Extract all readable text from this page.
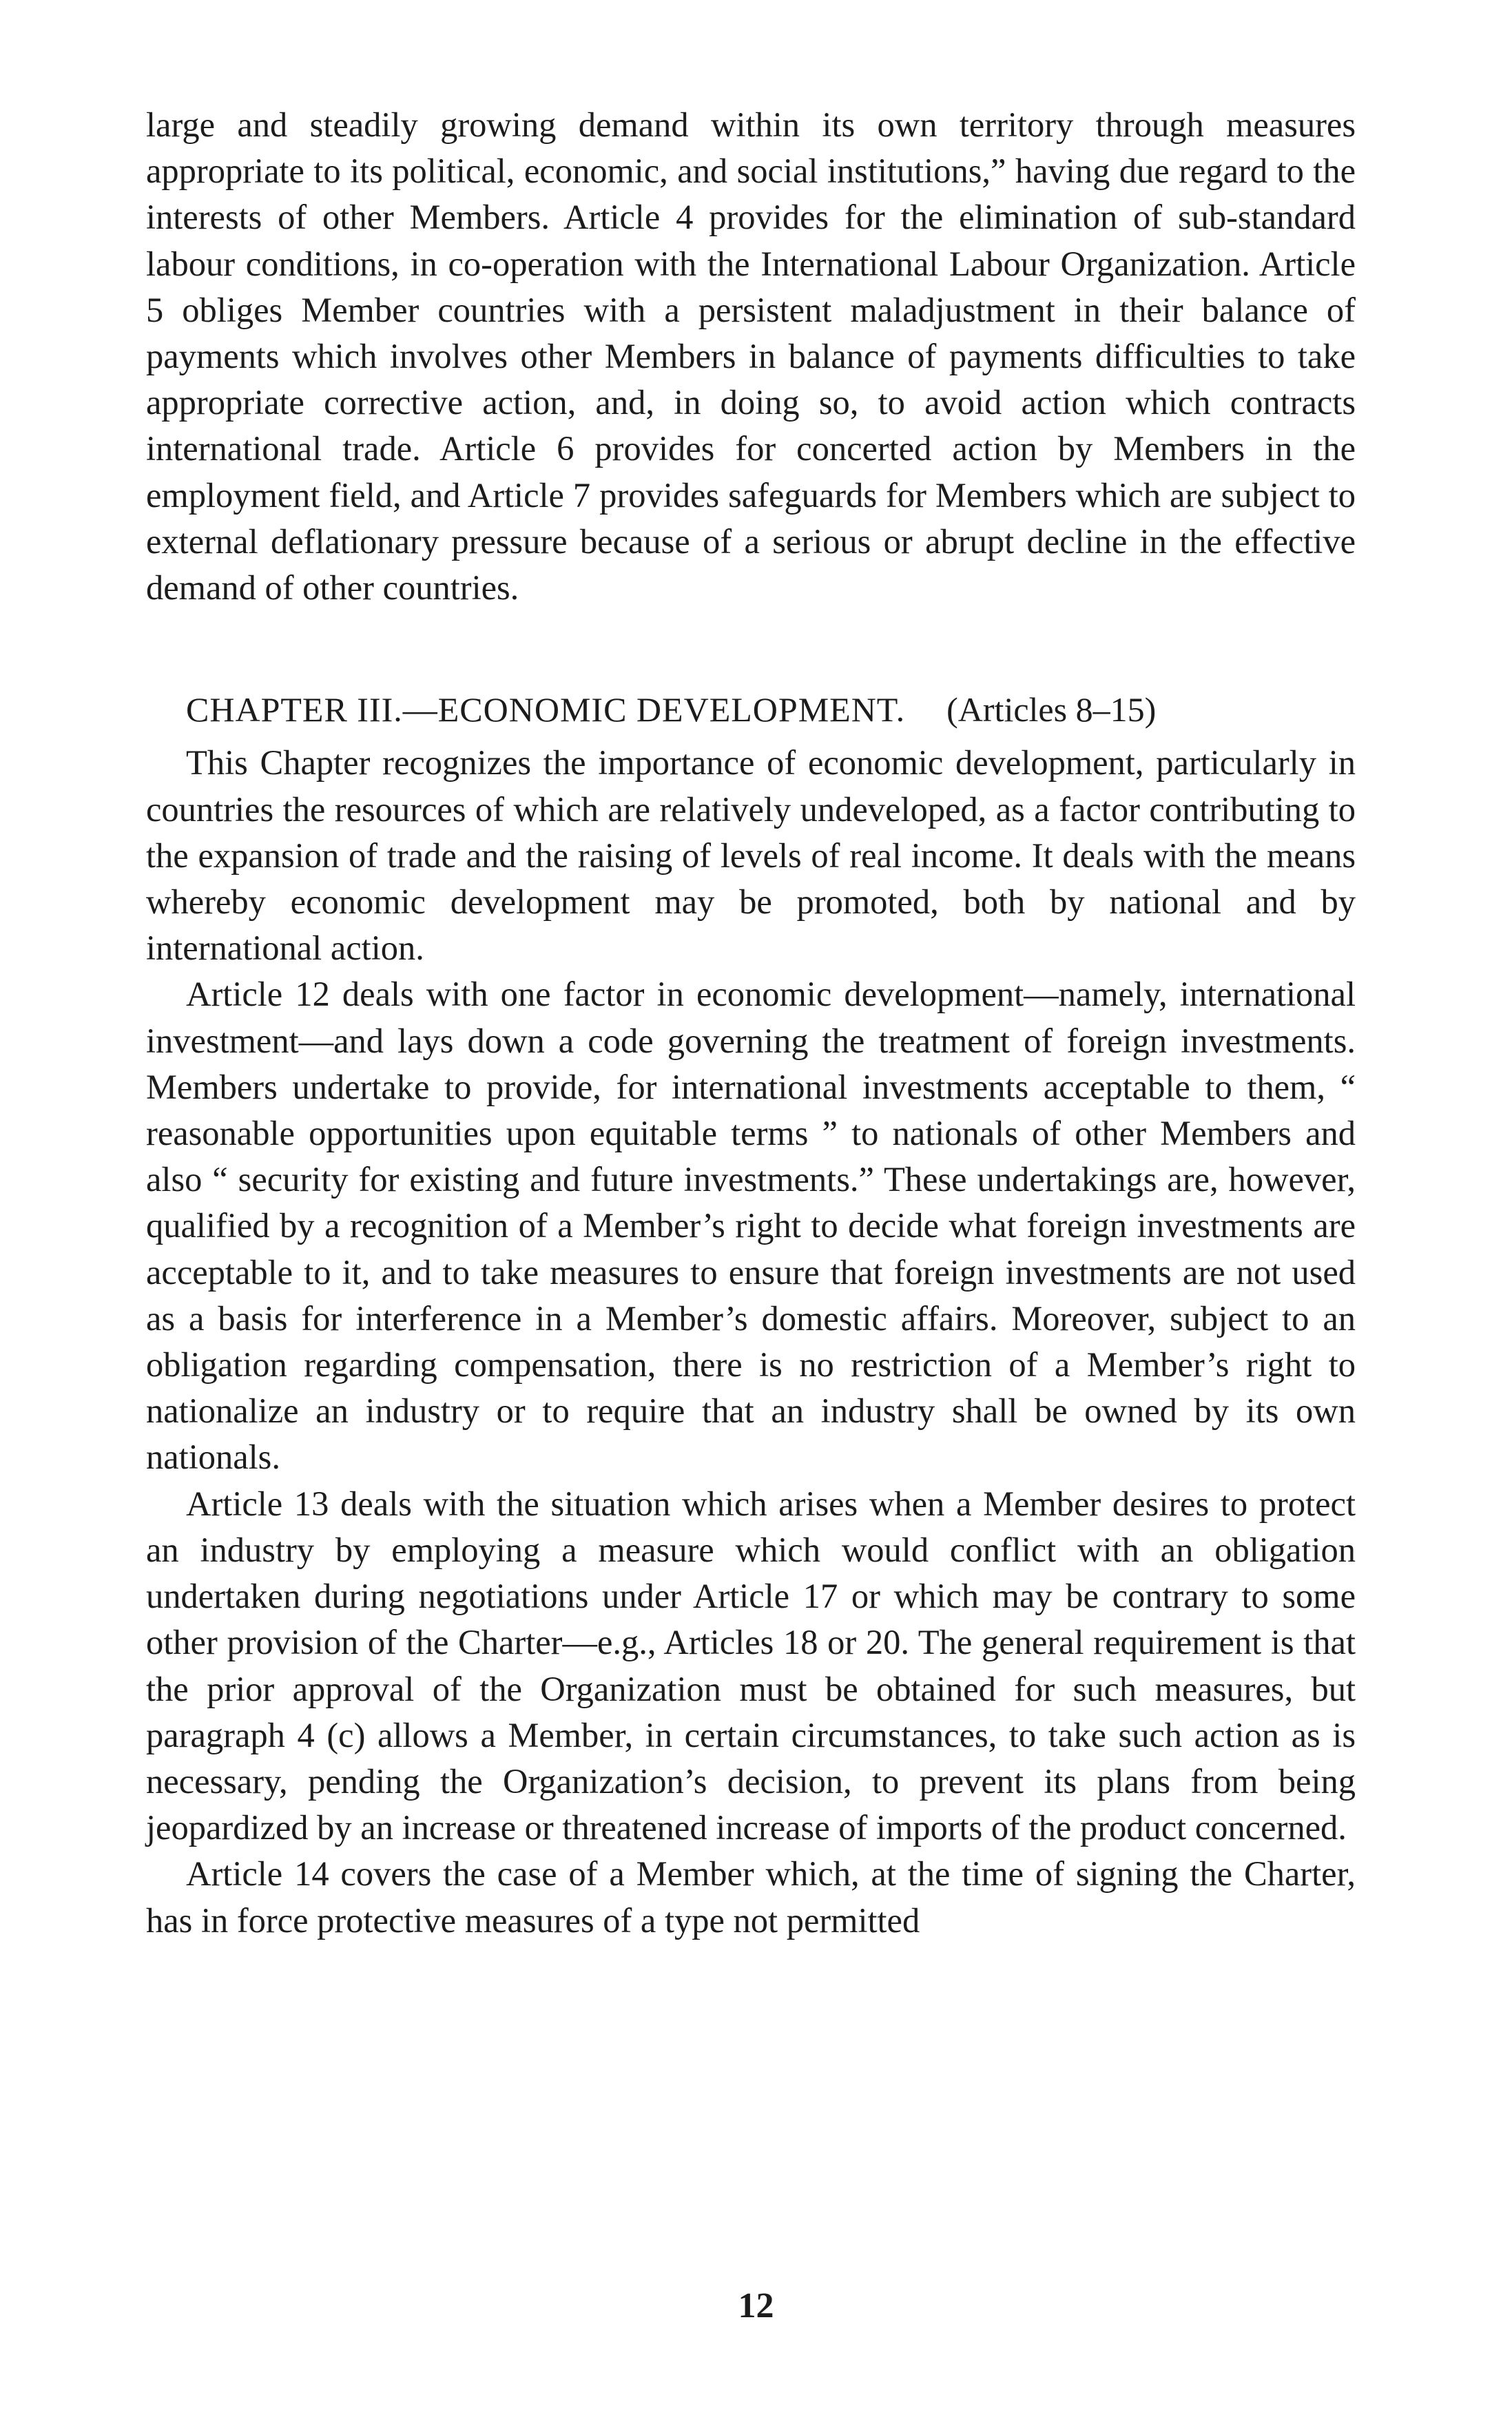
large and steadily growing demand within its own territory through measures appropriate to its political, economic, and social institutions,” having due regard to the interests of other Members. Article 4 provides for the elimination of sub-standard labour conditions, in co-operation with the International Labour Organization. Article 5 obliges Member countries with a persistent maladjustment in their balance of payments which involves other Members in balance of payments difficulties to take appropriate corrective action, and, in doing so, to avoid action which contracts international trade. Article 6 provides for concerted action by Members in the employment field, and Article 7 provides safeguards for Members which are subject to external deflationary pressure because of a serious or abrupt decline in the effective demand of other countries.

CHAPTER III.—ECONOMIC DEVELOPMENT. (Articles 8–15)

This Chapter recognizes the importance of economic development, particularly in countries the resources of which are relatively undeveloped, as a factor contributing to the expansion of trade and the raising of levels of real income. It deals with the means whereby economic development may be promoted, both by national and by international action.

Article 12 deals with one factor in economic development—namely, international investment—and lays down a code governing the treatment of foreign investments. Members undertake to provide, for international investments acceptable to them, “ reasonable opportunities upon equitable terms ” to nationals of other Members and also “ security for existing and future investments.” These undertakings are, however, qualified by a recognition of a Member’s right to decide what foreign investments are acceptable to it, and to take measures to ensure that foreign investments are not used as a basis for interference in a Member’s domestic affairs. Moreover, subject to an obligation regarding compensation, there is no restriction of a Member’s right to nationalize an industry or to require that an industry shall be owned by its own nationals.

Article 13 deals with the situation which arises when a Member desires to protect an industry by employing a measure which would conflict with an obligation undertaken during negotiations under Article 17 or which may be contrary to some other provision of the Charter—e.g., Articles 18 or 20. The general requirement is that the prior approval of the Organization must be obtained for such measures, but paragraph 4 (c) allows a Member, in certain circumstances, to take such action as is necessary, pending the Organization’s decision, to prevent its plans from being jeopardized by an increase or threatened increase of imports of the product concerned.

Article 14 covers the case of a Member which, at the time of signing the Charter, has in force protective measures of a type not permitted

12
